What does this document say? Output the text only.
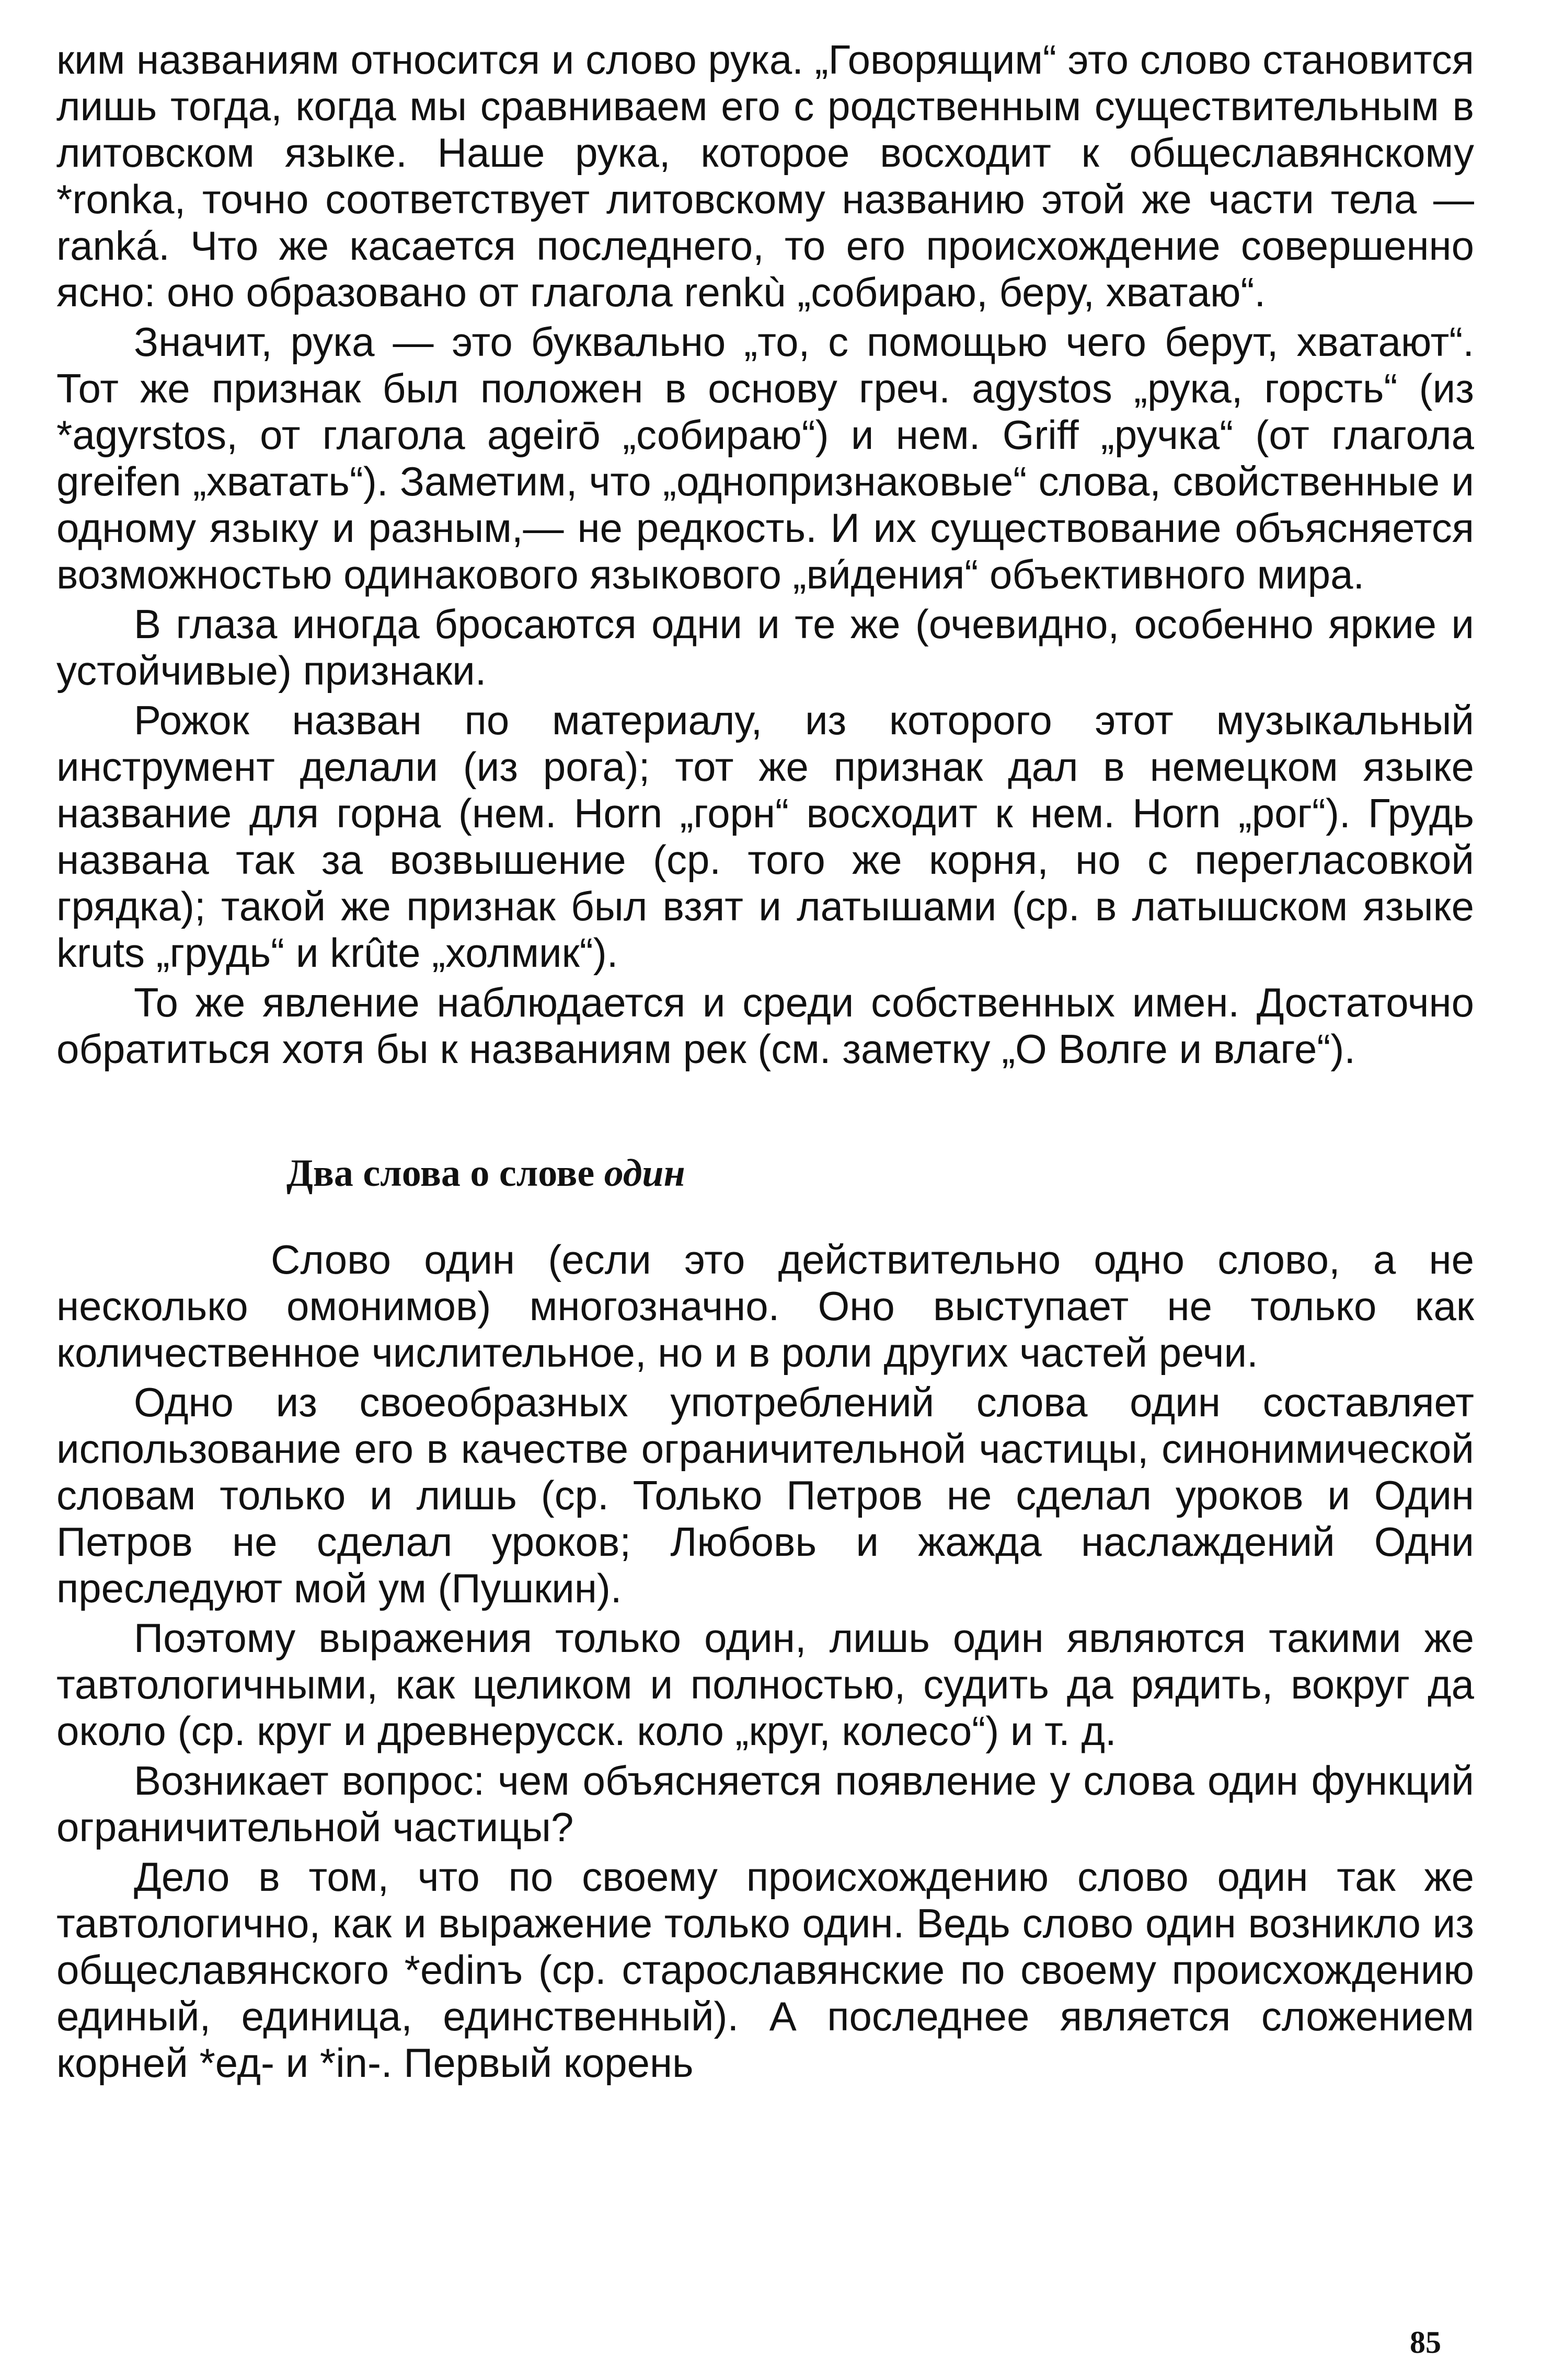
ким названиям относится и слово рука. „Говорящим“ это слово становится лишь тогда, когда мы сравниваем его с родственным существительным в литовском языке. Наше рука, которое восходит к общеславянскому *ronka, точно соответствует литовскому названию этой же части тела — ranká. Что же касается последнего, то его происхождение совершенно ясно: оно образовано от глагола renkù „собираю, беру, хватаю“.

Значит, рука — это буквально „то, с помощью чего берут, хватают“. Тот же признак был положен в основу греч. agystos „рука, горсть“ (из *agyrstos, от глагола ageirō „собираю“) и нем. Griff „ручка“ (от глагола greifen „хватать“). Заметим, что „однопризнаковые“ слова, свойственные и одному языку и разным,— не редкость. И их существование объясняется возможностью одинакового языкового „ви́дения“ объективного мира.

В глаза иногда бросаются одни и те же (очевидно, особенно яркие и устойчивые) признаки.

Рожок назван по материалу, из которого этот музыкальный инструмент делали (из рога); тот же признак дал в немецком языке название для горна (нем. Horn „горн“ восходит к нем. Horn „рог“). Грудь названа так за возвышение (ср. того же корня, но с перегласовкой грядка); такой же признак был взят и латышами (ср. в латышском языке kruts „грудь“ и krûte „холмик“).

То же явление наблюдается и среди собственных имен. Достаточно обратиться хотя бы к названиям рек (см. заметку „О Волге и влаге“).

Два слова о слове один

Слово один (если это действительно одно слово, а не несколько омонимов) многозначно. Оно выступает не только как количественное числительное, но и в роли других частей речи.

Одно из своеобразных употреблений слова один составляет использование его в качестве ограничительной частицы, синонимической словам только и лишь (ср. Только Петров не сделал уроков и Один Петров не сделал уроков; Любовь и жажда наслаждений Одни преследуют мой ум (Пушкин).

Поэтому выражения только один, лишь один являются такими же тавтологичными, как целиком и полностью, судить да рядить, вокруг да около (ср. круг и древнерусск. коло „круг, колесо“) и т. д.

Возникает вопрос: чем объясняется появление у слова один функций ограничительной частицы?

Дело в том, что по своему происхождению слово один так же тавтологично, как и выражение только один. Ведь слово один возникло из общеславянского *edinъ (ср. старославянские по своему происхождению единый, единица, единственный). А последнее является сложением корней *ед- и *in-. Первый корень

85
